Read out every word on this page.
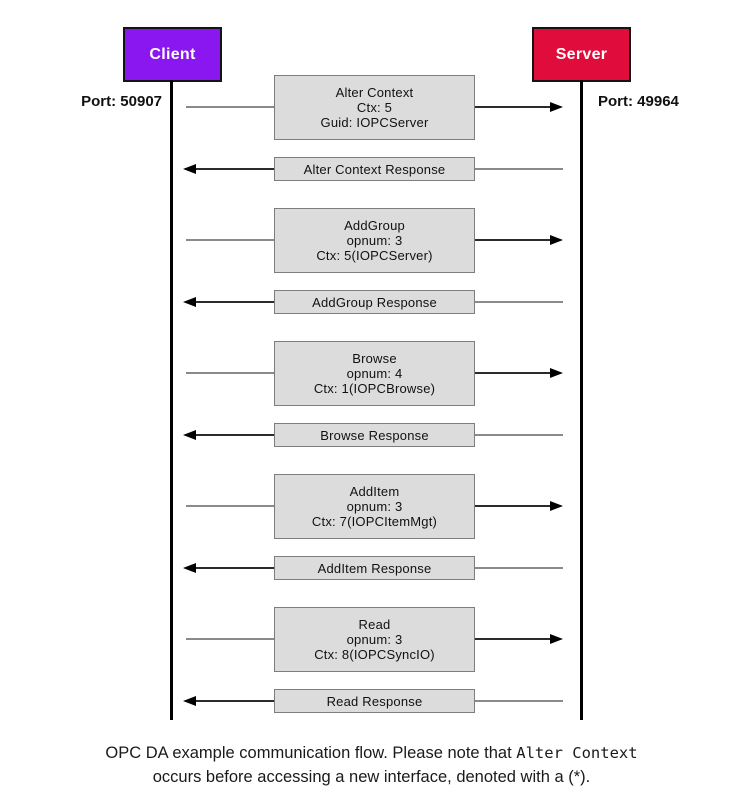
Client	Server
Port: 50907	Port: 49964
Alter Context
Ctx: 5
Guid: IOPCServer
Alter Context Response
AddGroup
opnum: 3
Ctx: 5(IOPCServer)
AddGroup Response
Browse
opnum: 4
Ctx: 1(IOPCBrowse)
Browse Response
AddItem
opnum: 3
Ctx: 7(IOPCItemMgt)
AddItem Response
Read
opnum: 3
Ctx: 8(IOPCSyncIO)
Read Response
OPC DA example communication flow. Please note that Alter Context
occurs before accessing a new interface, denoted with a (*).
